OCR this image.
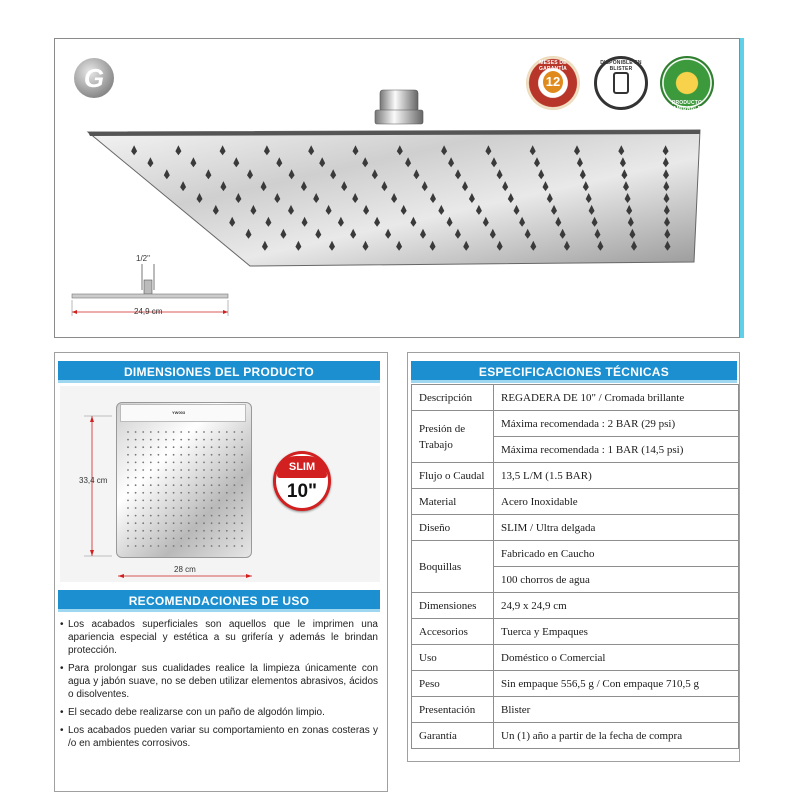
G	12
MESES DE GARANTÍA
DISPONIBLE EN BLISTER
PRODUCTO AMIGABLE
1/2"
24,9 cm
DIMENSIONES DEL PRODUCTO
YW003
SLIM
10"
33,4 cm
28 cm
RECOMENDACIONES DE USO
• Los acabados superficiales son aquellos que le imprimen una apariencia especial y estética a su grifería y además le brindan protección.
• Para prolongar sus cualidades realice la limpieza únicamente con agua y jabón suave, no se deben utilizar elementos abrasivos, ácidos o disolventes.
• El secado debe realizarse con un paño de algodón limpio.
• Los acabados pueden variar su comportamiento en zonas costeras y /o en ambientes corrosivos.
ESPECIFICACIONES TÉCNICAS
Descripción	REGADERA DE 10" / Cromada brillante
Presión de Trabajo	Máxima recomendada : 2 BAR (29 psi)
	Máxima recomendada : 1 BAR (14,5 psi)
Flujo o Caudal	13,5 L/M (1.5 BAR)
Material	Acero Inoxidable
Diseño	SLIM / Ultra delgada
Boquillas	Fabricado en Caucho
	100 chorros de agua
Dimensiones	24,9 x 24,9 cm
Accesorios	Tuerca y Empaques
Uso	Doméstico o Comercial
Peso	Sin empaque 556,5 g / Con empaque 710,5 g
Presentación	Blister
Garantía	Un (1) año a partir de la fecha de compra
